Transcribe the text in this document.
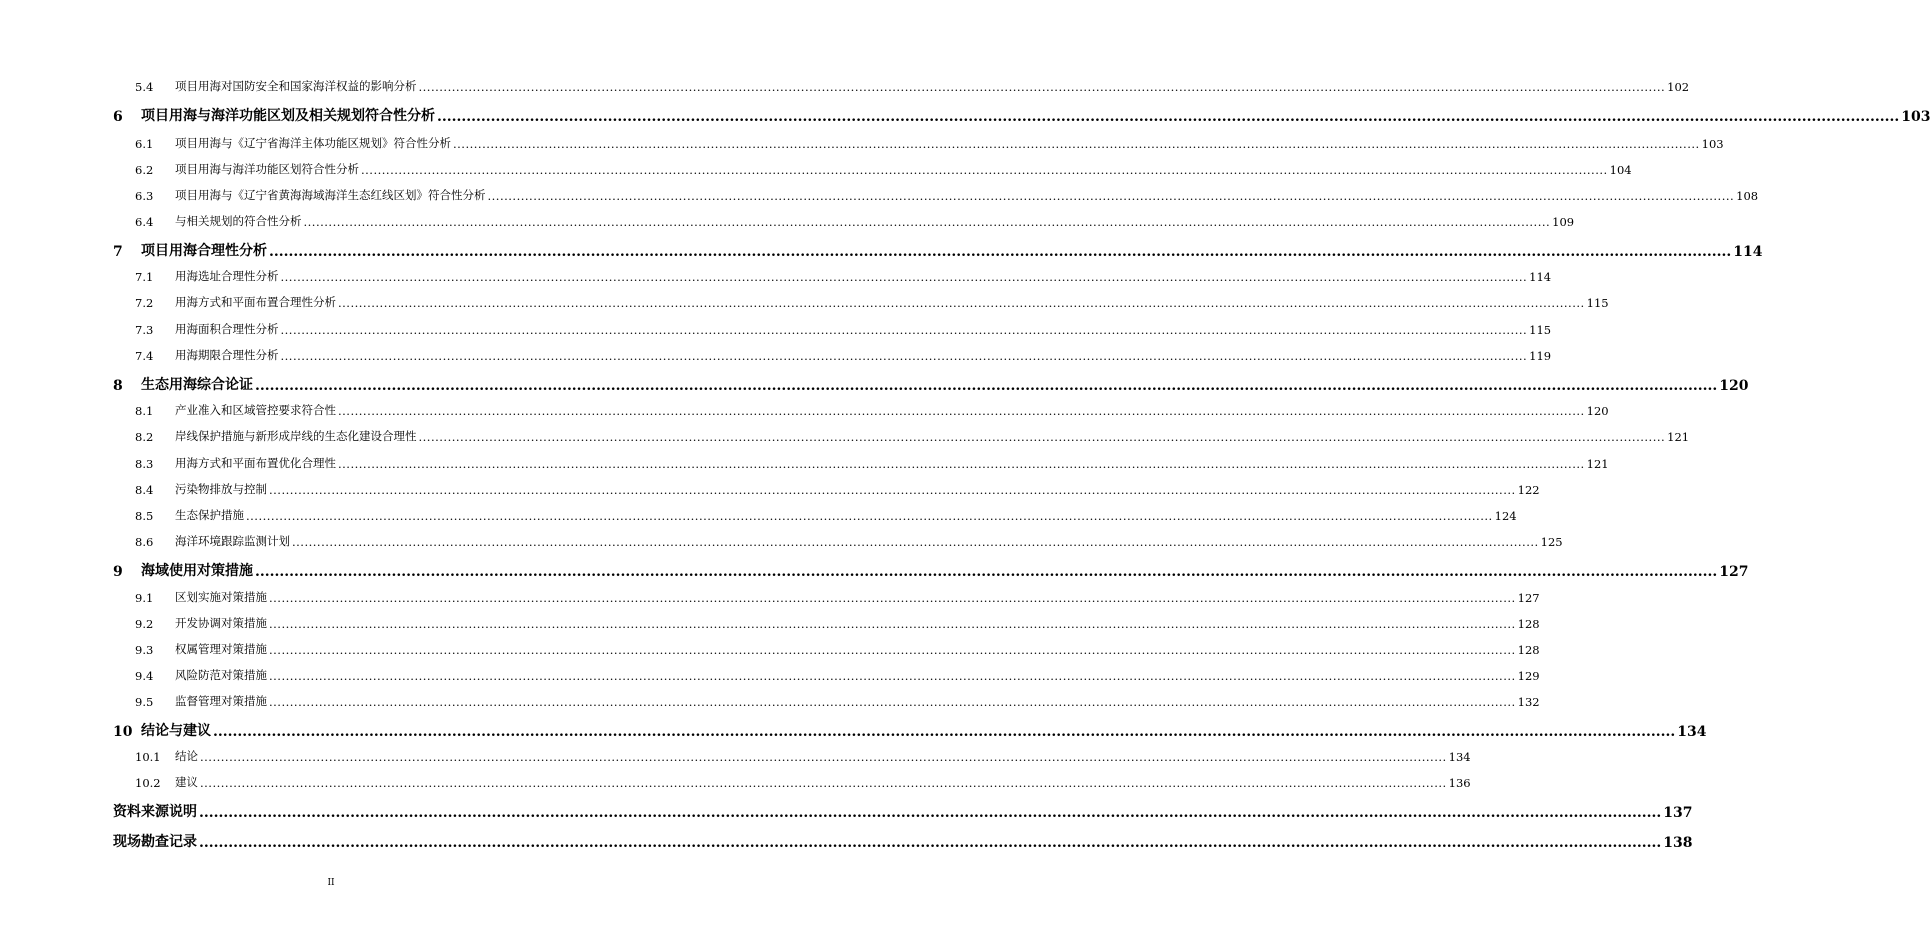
5.4	项目用海对国防安全和国家海洋权益的影响分析 ............................................................................................................................................................................................................................................................................................................ 102
6	项目用海与海洋功能区划及相关规划符合性分析 ............................................................................................................................................................................................................................................................................................................ 103
6.1	项目用海与《辽宁省海洋主体功能区规划》符合性分析 ............................................................................................................................................................................................................................................................................................................ 103
6.2	项目用海与海洋功能区划符合性分析 ............................................................................................................................................................................................................................................................................................................ 104
6.3	项目用海与《辽宁省黄海海域海洋生态红线区划》符合性分析 ............................................................................................................................................................................................................................................................................................................ 108
6.4	与相关规划的符合性分析 ............................................................................................................................................................................................................................................................................................................ 109
7	项目用海合理性分析 ............................................................................................................................................................................................................................................................................................................ 114
7.1	用海选址合理性分析 ............................................................................................................................................................................................................................................................................................................ 114
7.2	用海方式和平面布置合理性分析 ............................................................................................................................................................................................................................................................................................................ 115
7.3	用海面积合理性分析 ............................................................................................................................................................................................................................................................................................................ 115
7.4	用海期限合理性分析 ............................................................................................................................................................................................................................................................................................................ 119
8	生态用海综合论证 ............................................................................................................................................................................................................................................................................................................ 120
8.1	产业准入和区域管控要求符合性 ............................................................................................................................................................................................................................................................................................................ 120
8.2	岸线保护措施与新形成岸线的生态化建设合理性 ............................................................................................................................................................................................................................................................................................................ 121
8.3	用海方式和平面布置优化合理性 ............................................................................................................................................................................................................................................................................................................ 121
8.4	污染物排放与控制 ............................................................................................................................................................................................................................................................................................................ 122
8.5	生态保护措施 ............................................................................................................................................................................................................................................................................................................ 124
8.6	海洋环境跟踪监测计划 ............................................................................................................................................................................................................................................................................................................ 125
9	海域使用对策措施 ............................................................................................................................................................................................................................................................................................................ 127
9.1	区划实施对策措施 ............................................................................................................................................................................................................................................................................................................ 127
9.2	开发协调对策措施 ............................................................................................................................................................................................................................................................................................................ 128
9.3	权属管理对策措施 ............................................................................................................................................................................................................................................................................................................ 128
9.4	风险防范对策措施 ............................................................................................................................................................................................................................................................................................................ 129
9.5	监督管理对策措施 ............................................................................................................................................................................................................................................................................................................ 132
10 结论与建议 ............................................................................................................................................................................................................................................................................................................ 134
10.1	结论 ............................................................................................................................................................................................................................................................................................................ 134
10.2	建议 ............................................................................................................................................................................................................................................................................................................ 136
资料来源说明 ............................................................................................................................................................................................................................................................................................................ 137
现场勘查记录 ............................................................................................................................................................................................................................................................................................................ 138
II
